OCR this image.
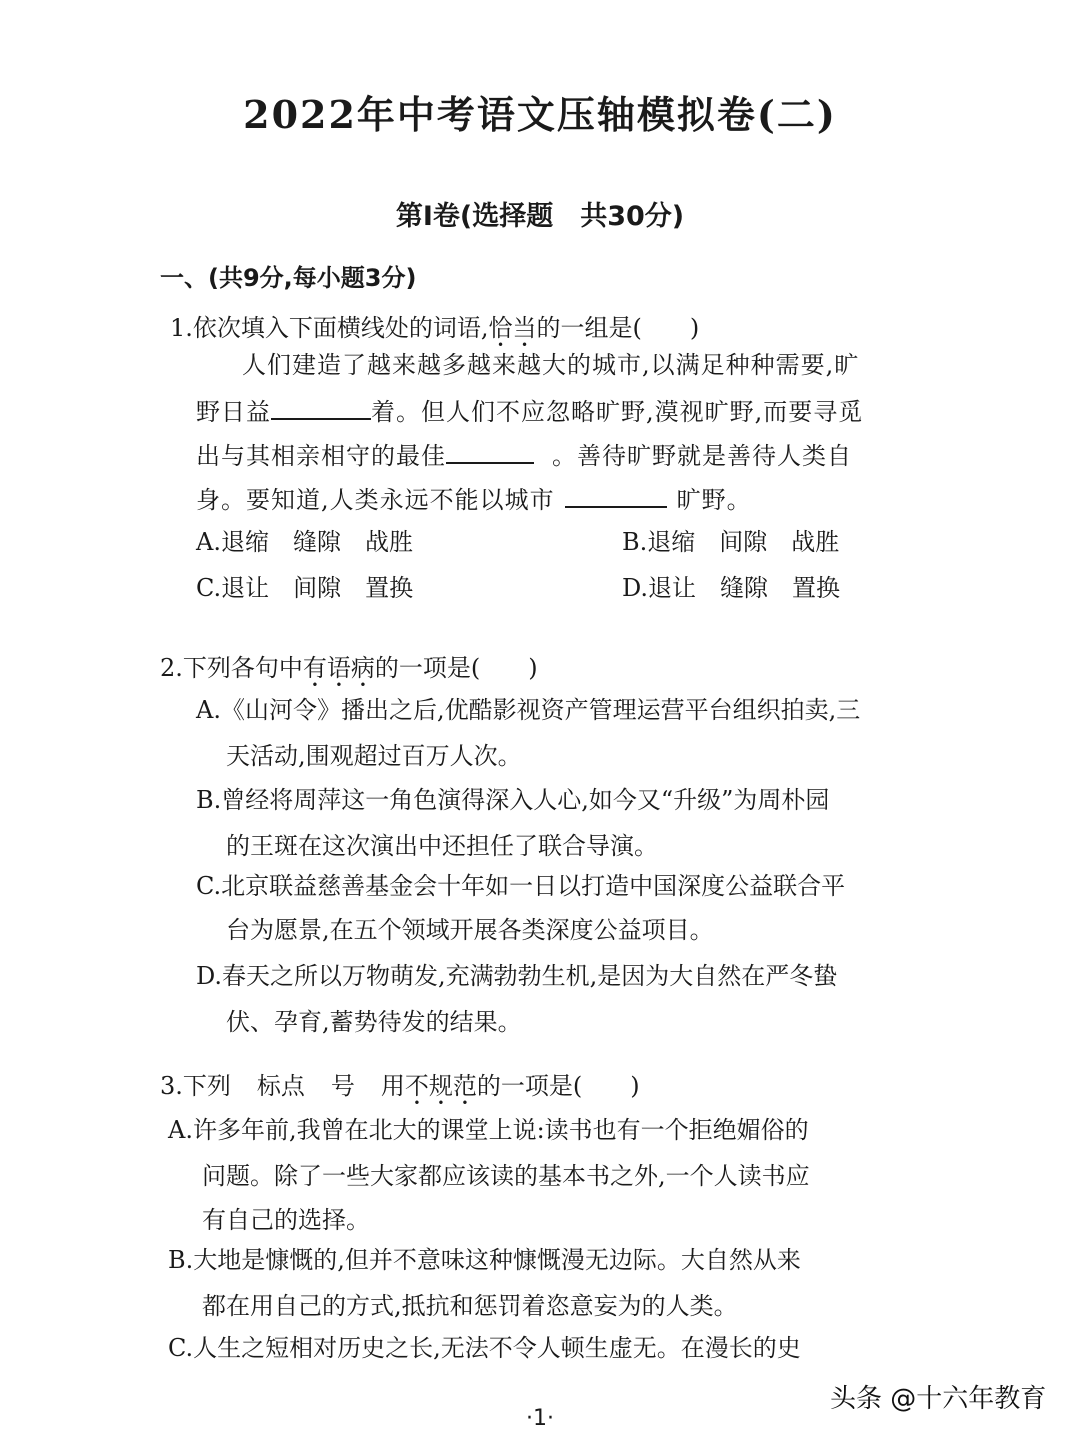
2022年中考语文压轴模拟卷(二)
第Ⅰ卷(选择题　共30分)
一、(共9分,每小题3分)
1.依次填入下面横线处的词语,恰当的一组是(　　)
人们建造了越来越多越来越大的城市,以满足种种需要,旷
野日益	着。但人们不应忽略旷野,漠视旷野,而要寻觅
出与其相亲相守的最佳	。善待旷野就是善待人类自
身。要知道,人类永远不能以城市	旷野。
A.退缩　缝隙　战胜	B.退缩　间隙　战胜
C.退让　间隙　置换	D.退让　缝隙　置换
2.下列各句中有语病的一项是(　　)
A.《山河令》播出之后,优酷影视资产管理运营平台组织拍卖,三
天活动,围观超过百万人次。
B.曾经将周萍这一角色演得深入人心,如今又“升级”为周朴园
的王斑在这次演出中还担任了联合导演。
C.北京联益慈善基金会十年如一日以打造中国深度公益联合平
台为愿景,在五个领域开展各类深度公益项目。
D.春天之所以万物萌发,充满勃勃生机,是因为大自然在严冬蛰
伏、孕育,蓄势待发的结果。
3.下列 标点 号 用不规范的一项是(　　)
A.许多年前,我曾在北大的课堂上说:读书也有一个拒绝媚俗的
问题。除了一些大家都应该读的基本书之外,一个人读书应
有自己的选择。
B.大地是慷慨的,但并不意味这种慷慨漫无边际。大自然从来
都在用自己的方式,抵抗和惩罚着恣意妄为的人类。
C.人生之短相对历史之长,无法不令人顿生虚无。在漫长的史
·1·
头条 @十六年教育
